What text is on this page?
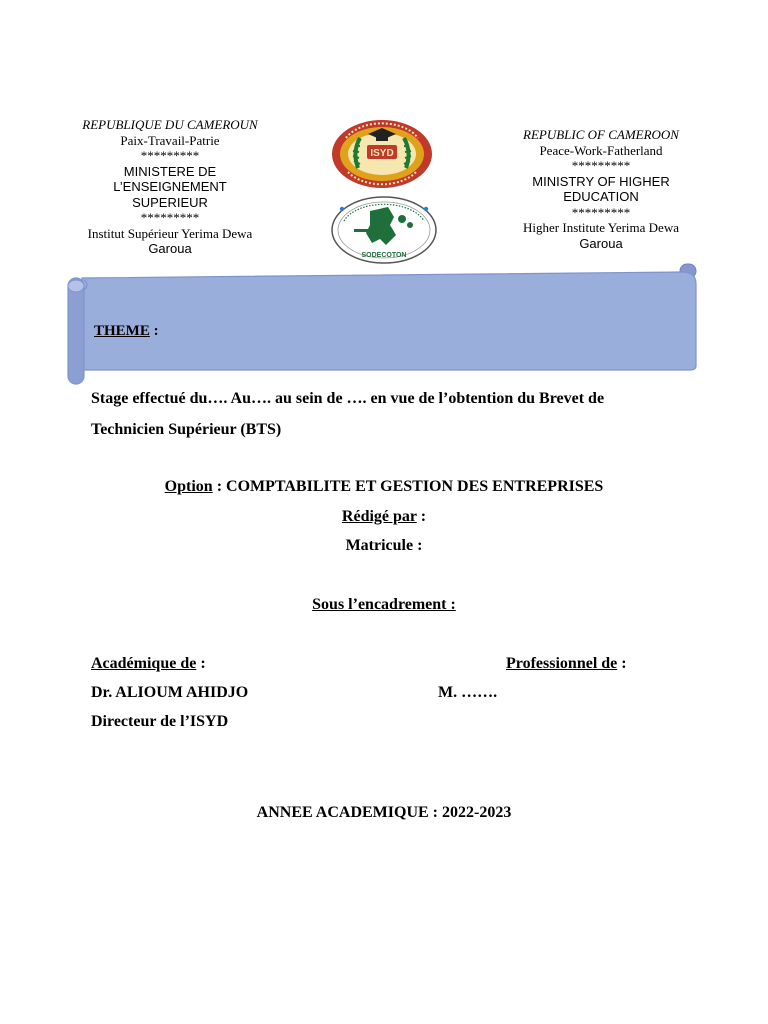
REPUBLIQUE DU CAMEROUN
Paix-Travail-Patrie
*********
MINISTERE DE
L’ENSEIGNEMENT
SUPERIEUR
*********
Institut Supérieur Yerima Dewa
Garoua
REPUBLIC OF CAMEROON
Peace-Work-Fatherland
*********
MINISTRY OF HIGHER
EDUCATION
*********
Higher Institute Yerima Dewa
Garoua
ISYD
SODECOTON
THEME :
Stage effectué du…. Au…. au sein de …. en vue de l’obtention du Brevet de
Technicien Supérieur (BTS)
Option : COMPTABILITE ET GESTION DES ENTREPRISES
Rédigé par :
Matricule :
Sous l’encadrement :
Académique de :	Professionnel de :
Dr. ALIOUM AHIDJO	M. …….
Directeur de l’ISYD
ANNEE ACADEMIQUE : 2022-2023
